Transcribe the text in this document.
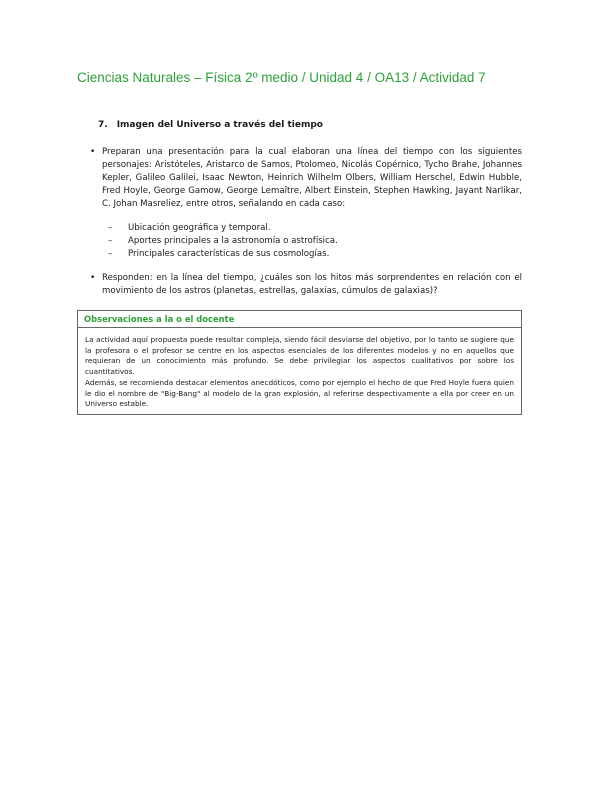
Ciencias Naturales – Física 2º medio / Unidad 4 / OA13 / Actividad 7
7. Imagen del Universo a través del tiempo
• Preparan una presentación para la cual elaboran una línea del tiempo con los siguientes personajes: Aristóteles, Aristarco de Samos, Ptolomeo, Nicolás Copérnico, Tycho Brahe, Johannes Kepler, Galileo Galilei, Isaac Newton, Heinrich Wilhelm Olbers, William Herschel, Edwin Hubble, Fred Hoyle, George Gamow, George Lemaître, Albert Einstein, Stephen Hawking, Jayant Narlikar, C. Johan Masreliez, entre otros, señalando en cada caso:
– Ubicación geográfica y temporal.
– Aportes principales a la astronomía o astrofísica.
– Principales características de sus cosmologías.
• Responden: en la línea del tiempo, ¿cuáles son los hitos más sorprendentes en relación con el movimiento de los astros (planetas, estrellas, galaxias, cúmulos de galaxias)?
Observaciones a la o el docente

La actividad aquí propuesta puede resultar compleja, siendo fácil desviarse del objetivo, por lo tanto se sugiere que la profesora o el profesor se centre en los aspectos esenciales de los diferentes modelos y no en aquellos que requieran de un conocimiento más profundo. Se debe privilegiar los aspectos cualitativos por sobre los cuantitativos.

Además, se recomienda destacar elementos anecdóticos, como por ejemplo el hecho de que Fred Hoyle fuera quien le dio el nombre de "Big-Bang" al modelo de la gran explosión, al referirse despectivamente a ella por creer en un Universo estable.
